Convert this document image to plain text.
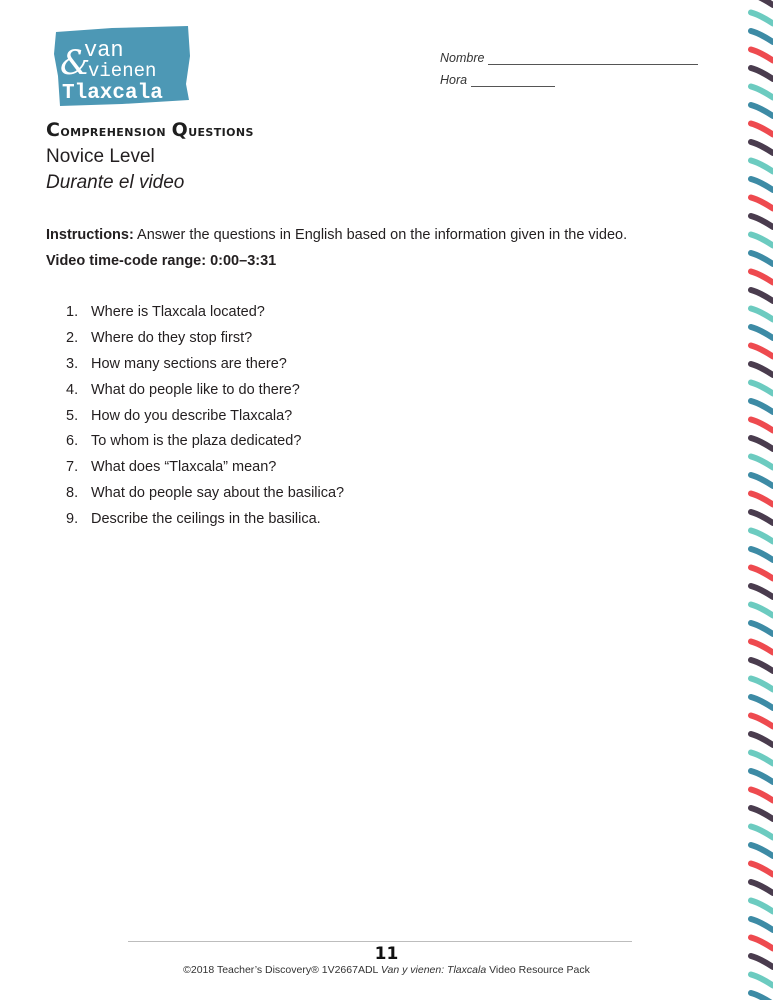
van
&
vienen
Tlaxcala
Nombre
Hora
Comprehension Questions
Novice Level
Durante el video
Instructions: Answer the questions in English based on the information given in the video.
Video time-code range: 0:00–3:31
1. Where is Tlaxcala located?
2. Where do they stop first?
3. How many sections are there?
4. What do people like to do there?
5. How do you describe Tlaxcala?
6. To whom is the plaza dedicated?
7. What does “Tlaxcala” mean?
8. What do people say about the basilica?
9. Describe the ceilings in the basilica.
11
©2018 Teacher’s Discovery® 1V2667ADL Van y vienen: Tlaxcala Video Resource Pack
